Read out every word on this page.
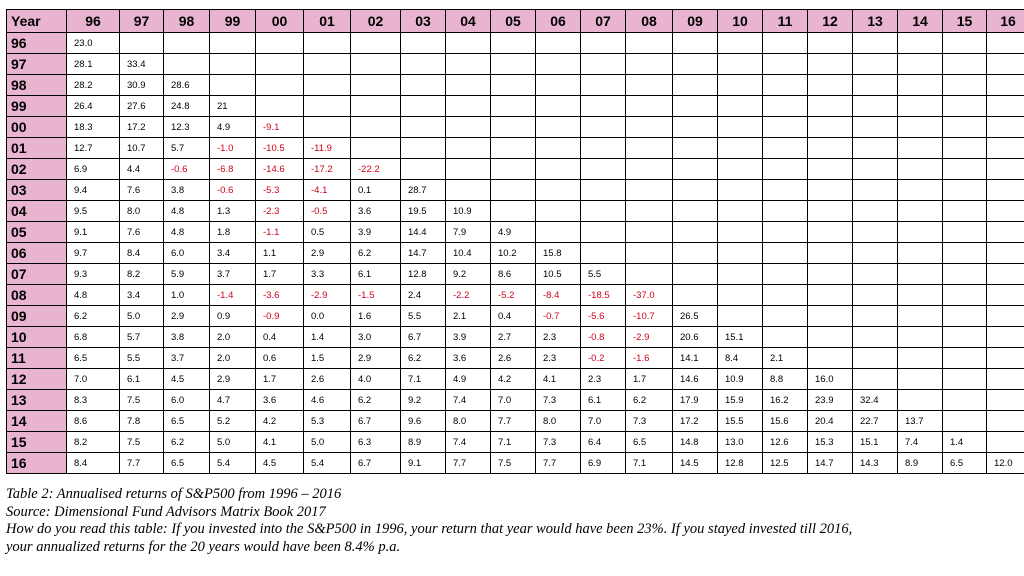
Year	96	97	98	99	00	01	02	03	04	05	06	07	08	09	10	11	12	13	14	15	16
96	23.0																				
97	28.1	33.4																			
98	28.2	30.9	28.6																		
99	26.4	27.6	24.8	21																	
00	18.3	17.2	12.3	4.9	-9.1																
01	12.7	10.7	5.7	-1.0	-10.5	-11.9															
02	6.9	4.4	-0.6	-6.8	-14.6	-17.2	-22.2														
03	9.4	7.6	3.8	-0.6	-5.3	-4.1	0.1	28.7													
04	9.5	8.0	4.8	1.3	-2.3	-0.5	3.6	19.5	10.9												
05	9.1	7.6	4.8	1.8	-1.1	0.5	3.9	14.4	7.9	4.9											
06	9.7	8.4	6.0	3.4	1.1	2.9	6.2	14.7	10.4	10.2	15.8										
07	9.3	8.2	5.9	3.7	1.7	3.3	6.1	12.8	9.2	8.6	10.5	5.5									
08	4.8	3.4	1.0	-1.4	-3.6	-2.9	-1.5	2.4	-2.2	-5.2	-8.4	-18.5	-37.0								
09	6.2	5.0	2.9	0.9	-0.9	0.0	1.6	5.5	2.1	0.4	-0.7	-5.6	-10.7	26.5							
10	6.8	5.7	3.8	2.0	0.4	1.4	3.0	6.7	3.9	2.7	2.3	-0.8	-2.9	20.6	15.1						
11	6.5	5.5	3.7	2.0	0.6	1.5	2.9	6.2	3.6	2.6	2.3	-0.2	-1.6	14.1	8.4	2.1					
12	7.0	6.1	4.5	2.9	1.7	2.6	4.0	7.1	4.9	4.2	4.1	2.3	1.7	14.6	10.9	8.8	16.0				
13	8.3	7.5	6.0	4.7	3.6	4.6	6.2	9.2	7.4	7.0	7.3	6.1	6.2	17.9	15.9	16.2	23.9	32.4			
14	8.6	7.8	6.5	5.2	4.2	5.3	6.7	9.6	8.0	7.7	8.0	7.0	7.3	17.2	15.5	15.6	20.4	22.7	13.7		
15	8.2	7.5	6.2	5.0	4.1	5.0	6.3	8.9	7.4	7.1	7.3	6.4	6.5	14.8	13.0	12.6	15.3	15.1	7.4	1.4	
16	8.4	7.7	6.5	5.4	4.5	5.4	6.7	9.1	7.7	7.5	7.7	6.9	7.1	14.5	12.8	12.5	14.7	14.3	8.9	6.5	12.0
Table 2: Annualised returns of S&P500 from 1996 – 2016
Source: Dimensional Fund Advisors Matrix Book 2017
How do you read this table: If you invested into the S&P500 in 1996, your return that year would have been 23%. If you stayed invested till 2016,
your annualized returns for the 20 years would have been 8.4% p.a.
